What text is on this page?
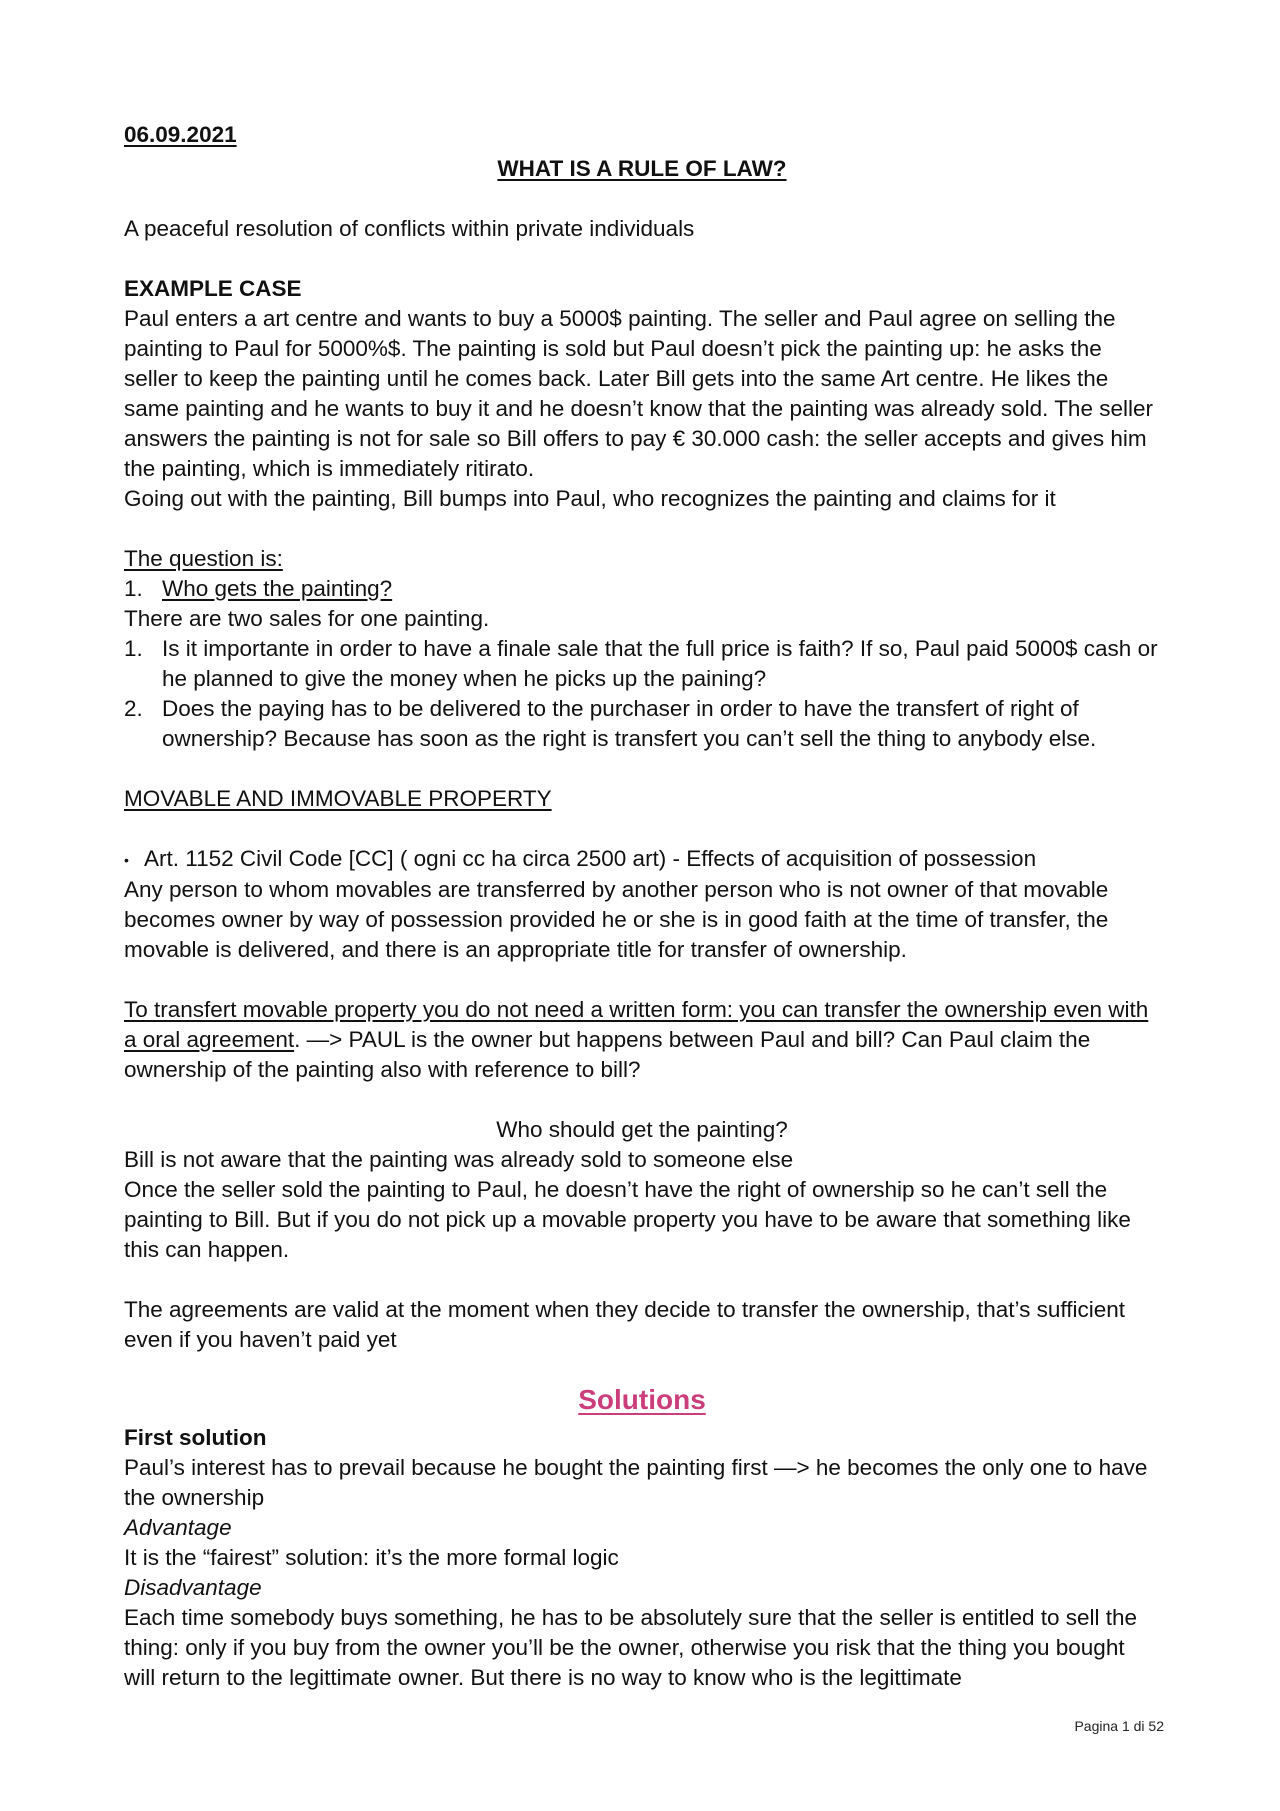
06.09.2021

WHAT IS A RULE OF LAW?

A peaceful resolution of conflicts within private individuals

EXAMPLE CASE

Paul enters a art centre and wants to buy a 5000$ painting. The seller and Paul agree on selling the painting to Paul for 5000%$. The painting is sold but Paul doesn’t pick the painting up: he asks the seller to keep the painting until he comes back. Later Bill gets into the same Art centre. He likes the same painting and he wants to buy it and he doesn’t know that the painting was already sold. The seller answers the painting is not for sale so Bill offers to pay € 30.000 cash: the seller accepts and gives him the painting, which is immediately ritirato.

Going out with the painting, Bill bumps into Paul, who recognizes the painting and claims for it

The question is:

1. Who gets the painting?

There are two sales for one painting.

1. Is it importante in order to have a finale sale that the full price is faith? If so, Paul paid 5000$ cash or he planned to give the money when he picks up the paining?
2. Does the paying has to be delivered to the purchaser in order to have the transfert of right of ownership? Because has soon as the right is transfert you can’t sell the thing to anybody else.

MOVABLE AND IMMOVABLE PROPERTY

• Art. 1152 Civil Code [CC] ( ogni cc ha circa 2500 art) - Effects of acquisition of possession

Any person to whom movables are transferred by another person who is not owner of that movable becomes owner by way of possession provided he or she is in good faith at the time of transfer, the movable is delivered, and there is an appropriate title for transfer of ownership.

To transfert movable property you do not need a written form: you can transfer the ownership even with a oral agreement. —> PAUL is the owner but happens between Paul and bill? Can Paul claim the ownership of the painting also with reference to bill?

Who should get the painting?

Bill is not aware that the painting was already sold to someone else

Once the seller sold the painting to Paul, he doesn’t have the right of ownership so he can’t sell the painting to Bill. But if you do not pick up a movable property you have to be aware that something like this can happen.

The agreements are valid at the moment when they decide to transfer the ownership, that’s sufficient even if you haven’t paid yet

Solutions

First solution

Paul’s interest has to prevail because he bought the painting first —> he becomes the only one to have the ownership

Advantage

It is the “fairest” solution: it’s the more formal logic

Disadvantage

Each time somebody buys something, he has to be absolutely sure that the seller is entitled to sell the thing: only if you buy from the owner you’ll be the owner, otherwise you risk that the thing you bought will return to the legittimate owner. But there is no way to know who is the legittimate

Pagina 1 di 52
